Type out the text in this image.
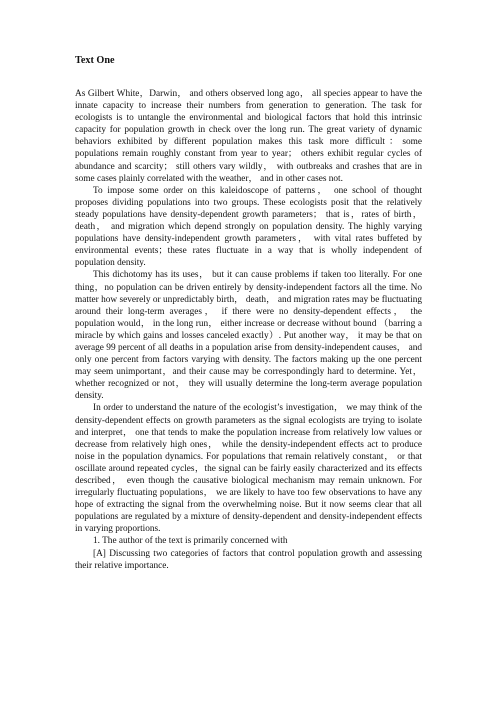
Text One

As Gilbert White，Darwin， and others observed long ago， all species appear to have the innate capacity to increase their numbers from generation to generation. The task for ecologists is to untangle the environmental and biological factors that hold this intrinsic capacity for population growth in check over the long run. The great variety of dynamic behaviors exhibited by different population makes this task more difficult：some populations remain roughly constant from year to year； others exhibit regular cycles of abundance and scarcity； still others vary wildly， with outbreaks and crashes that are in some cases plainly correlated with the weather， and in other cases not.

To impose some order on this kaleidoscope of patterns， one school of thought proposes dividing populations into two groups. These ecologists posit that the relatively steady populations have density-dependent growth parameters； that is，rates of birth， death， and migration which depend strongly on population density. The highly varying populations have density-independent growth parameters， with vital rates buffeted by environmental events；these rates fluctuate in a way that is wholly independent of population density.

This dichotomy has its uses， but it can cause problems if taken too literally. For one thing，no population can be driven entirely by density-independent factors all the time. No matter how severely or unpredictably birth， death， and migration rates may be fluctuating around their long-term averages， if there were no density-dependent effects， the population would， in the long run， either increase or decrease without bound （barring a miracle by which gains and losses canceled exactly）. Put another way， it may be that on average 99 percent of all deaths in a population arise from density-independent causes， and only one percent from factors varying with density. The factors making up the one percent may seem unimportant，and their cause may be correspondingly hard to determine. Yet， whether recognized or not， they will usually determine the long-term average population density.

In order to understand the nature of the ecologist’s investigation， we may think of the density-dependent effects on growth parameters as the signal ecologists are trying to isolate and interpret， one that tends to make the population increase from relatively low values or decrease from relatively high ones， while the density-independent effects act to produce noise in the population dynamics. For populations that remain relatively constant， or that oscillate around repeated cycles，the signal can be fairly easily characterized and its effects described， even though the causative biological mechanism may remain unknown. For irregularly fluctuating populations， we are likely to have too few observations to have any hope of extracting the signal from the overwhelming noise. But it now seems clear that all populations are regulated by a mixture of density-dependent and density-independent effects in varying proportions.

1. The author of the text is primarily concerned with

[A] Discussing two categories of factors that control population growth and assessing their relative importance.
